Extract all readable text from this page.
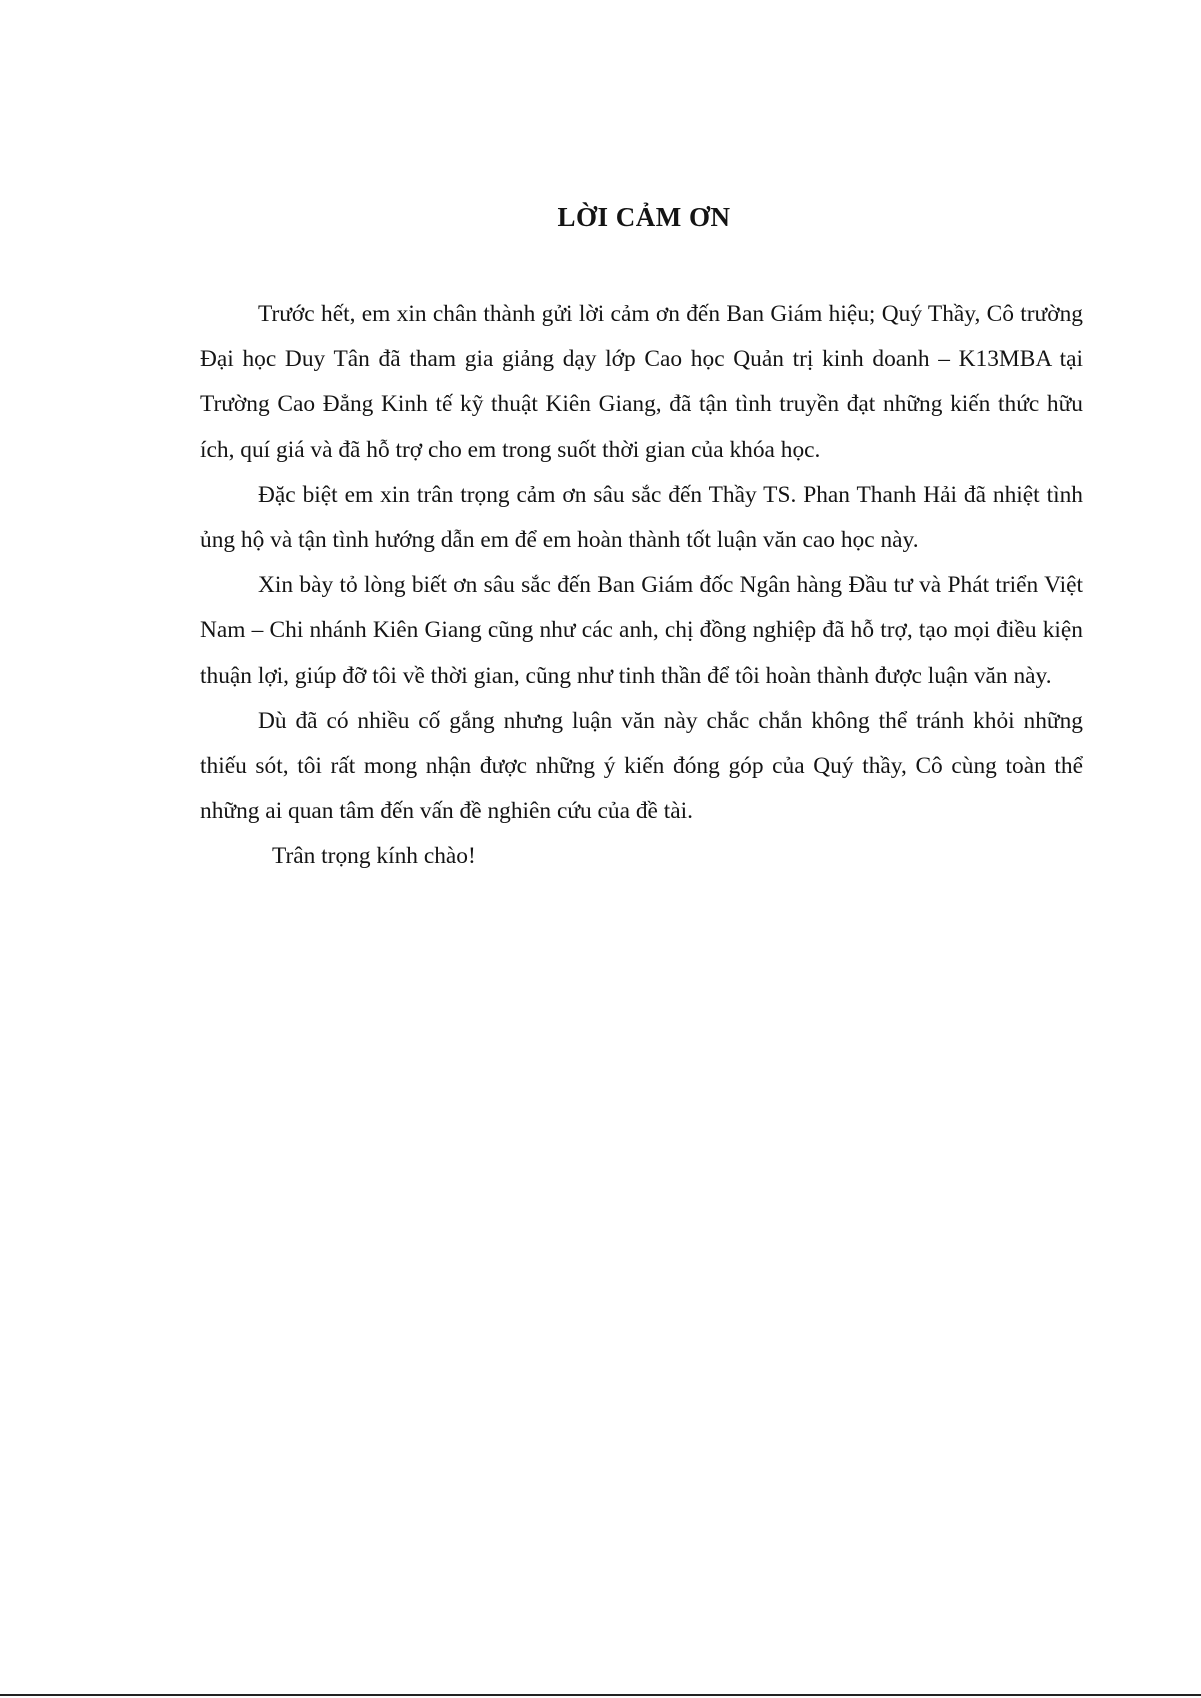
LỜI CẢM ƠN

Trước hết, em xin chân thành gửi lời cảm ơn đến Ban Giám hiệu; Quý Thầy, Cô trường Đại học Duy Tân đã tham gia giảng dạy lớp Cao học Quản trị kinh doanh – K13MBA tại Trường Cao Đẳng Kinh tế kỹ thuật Kiên Giang, đã tận tình truyền đạt những kiến thức hữu ích, quí giá và đã hỗ trợ cho em trong suốt thời gian của khóa học.

Đặc biệt em xin trân trọng cảm ơn sâu sắc đến Thầy TS. Phan Thanh Hải đã nhiệt tình ủng hộ và tận tình hướng dẫn em để em hoàn thành tốt luận văn cao học này.

Xin bày tỏ lòng biết ơn sâu sắc đến Ban Giám đốc Ngân hàng Đầu tư và Phát triển Việt Nam – Chi nhánh Kiên Giang cũng như các anh, chị đồng nghiệp đã hỗ trợ, tạo mọi điều kiện thuận lợi, giúp đỡ tôi về thời gian, cũng như tinh thần để tôi hoàn thành được luận văn này.

Dù đã có nhiều cố gắng nhưng luận văn này chắc chắn không thể tránh khỏi những thiếu sót, tôi rất mong nhận được những ý kiến đóng góp của Quý thầy, Cô cùng toàn thể những ai quan tâm đến vấn đề nghiên cứu của đề tài.

Trân trọng kính chào!
